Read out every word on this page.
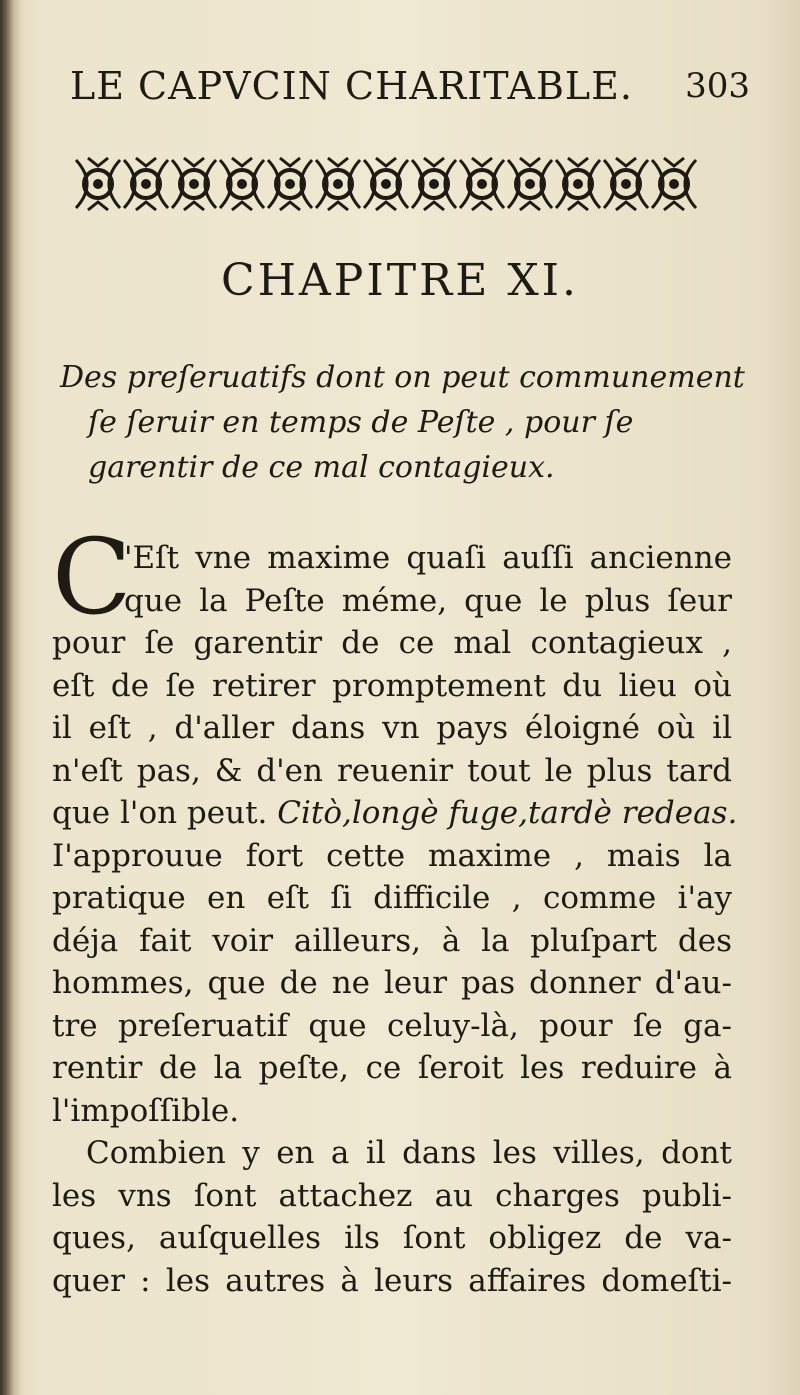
LE CAPVCIN CHARITABLE. 303
CHAPITRE XI.
Des preſeruatifs dont on peut communement
ſe ſeruir en temps de Peſte , pour ſe
garentir de ce mal contagieux.
C
'Eſt vne maxime quaſi auſſi ancienne
que la Peſte méme, que le plus ſeur
pour ſe garentir de ce mal contagieux ,
eſt de ſe retirer promptement du lieu où
il eſt , d'aller dans vn pays éloigné où il
n'eſt pas, & d'en reuenir tout le plus tard
que l'on peut. Citò,longè fuge,tardè redeas.
I'approuue fort cette maxime , mais la
pratique en eſt ſi difficile , comme i'ay
déja fait voir ailleurs, à la pluſpart des
hommes, que de ne leur pas donner d'au-
tre preſeruatif que celuy-là, pour ſe ga-
rentir de la peſte, ce ſeroit les reduire à
l'impoſſible.
Combien y en a il dans les villes, dont
les vns ſont attachez au charges publi-
ques, auſquelles ils ſont obligez de va-
quer : les autres à leurs affaires domeſti-
